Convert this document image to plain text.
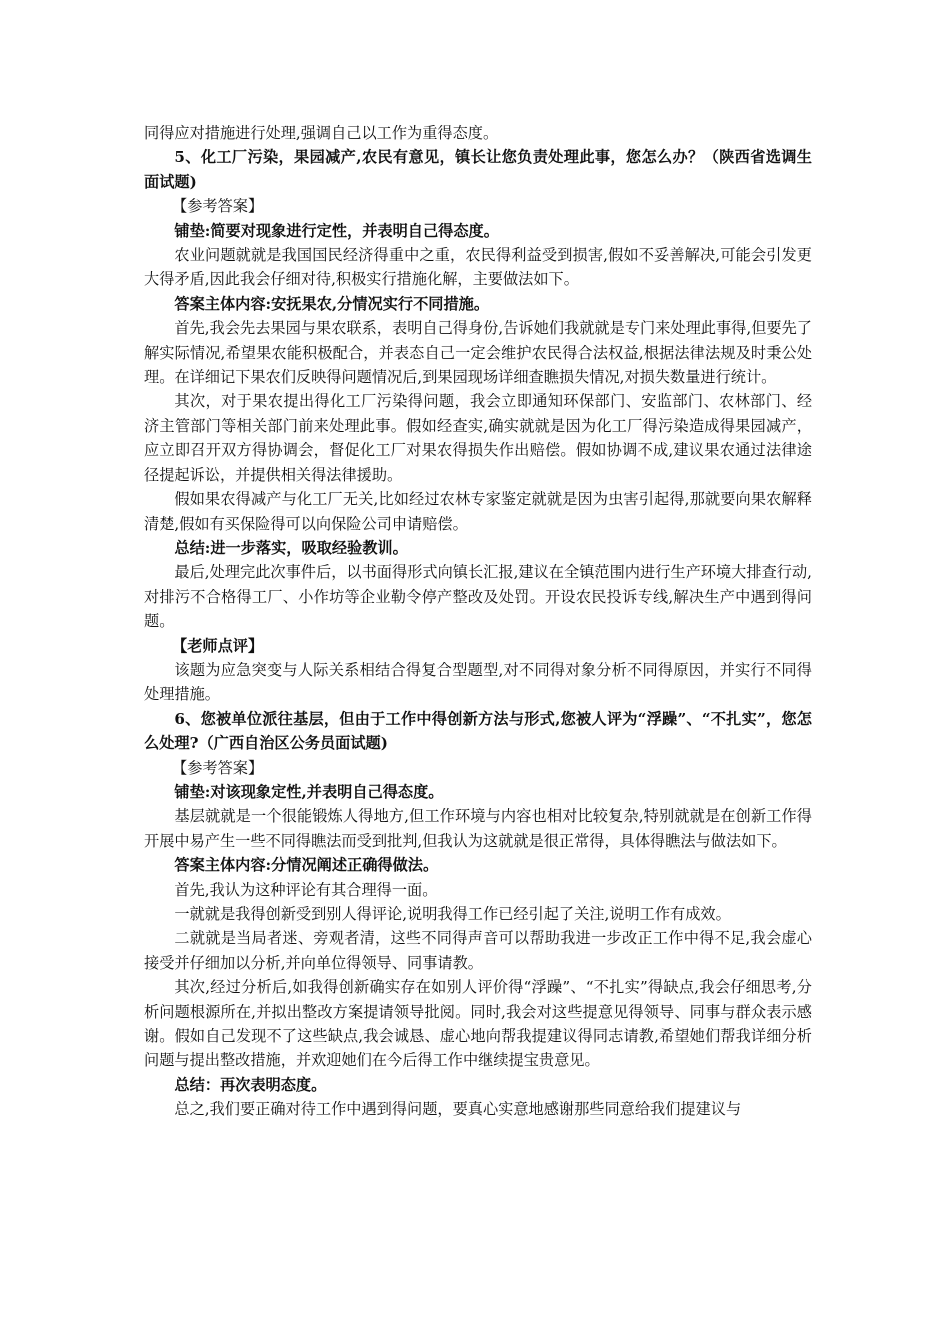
同得应对措施进行处理,强调自己以工作为重得态度。

5、化工厂污染，果园减产,农民有意见，镇长让您负责处理此事，您怎么办？（陕西省选调生面试题)

【参考答案】

铺垫:简要对现象进行定性，并表明自己得态度。

农业问题就就是我国国民经济得重中之重，农民得利益受到损害,假如不妥善解决,可能会引发更大得矛盾,因此我会仔细对待,积极实行措施化解，主要做法如下。

答案主体内容:安抚果农,分情况实行不同措施。

首先,我会先去果园与果农联系，表明自己得身份,告诉她们我就就是专门来处理此事得,但要先了解实际情况,希望果农能积极配合，并表态自己一定会维护农民得合法权益,根据法律法规及时秉公处理。在详细记下果农们反映得问题情况后,到果园现场详细查瞧损失情况,对损失数量进行统计。

其次，对于果农提出得化工厂污染得问题，我会立即通知环保部门、安监部门、农林部门、经济主管部门等相关部门前来处理此事。假如经查实,确实就就是因为化工厂得污染造成得果园减产，应立即召开双方得协调会，督促化工厂对果农得损失作出赔偿。假如协调不成,建议果农通过法律途径提起诉讼，并提供相关得法律援助。

假如果农得减产与化工厂无关,比如经过农林专家鉴定就就是因为虫害引起得,那就要向果农解释清楚,假如有买保险得可以向保险公司申请赔偿。

总结:进一步落实，吸取经验教训。

最后,处理完此次事件后，以书面得形式向镇长汇报,建议在全镇范围内进行生产环境大排查行动,对排污不合格得工厂、小作坊等企业勒令停产整改及处罚。开设农民投诉专线,解决生产中遇到得问题。

【老师点评】

该题为应急突变与人际关系相结合得复合型题型,对不同得对象分析不同得原因，并实行不同得处理措施。

6、您被单位派往基层，但由于工作中得创新方法与形式,您被人评为“浮躁”、“不扎实”，您怎么处理?（广西自治区公务员面试题)

【参考答案】

铺垫:对该现象定性,并表明自己得态度。

基层就就是一个很能锻炼人得地方,但工作环境与内容也相对比较复杂,特别就就是在创新工作得开展中易产生一些不同得瞧法而受到批判,但我认为这就就是很正常得，具体得瞧法与做法如下。

答案主体内容:分情况阐述正确得做法。

首先,我认为这种评论有其合理得一面。

一就就是我得创新受到别人得评论,说明我得工作已经引起了关注,说明工作有成效。

二就就是当局者迷、旁观者清，这些不同得声音可以帮助我进一步改正工作中得不足,我会虚心接受并仔细加以分析,并向单位得领导、同事请教。

其次,经过分析后,如我得创新确实存在如别人评价得“浮躁”、“不扎实”得缺点,我会仔细思考,分析问题根源所在,并拟出整改方案提请领导批阅。同时,我会对这些提意见得领导、同事与群众表示感谢。假如自己发现不了这些缺点,我会诚恳、虚心地向帮我提建议得同志请教,希望她们帮我详细分析问题与提出整改措施，并欢迎她们在今后得工作中继续提宝贵意见。

总结：再次表明态度。

总之,我们要正确对待工作中遇到得问题，要真心实意地感谢那些同意给我们提建议与
